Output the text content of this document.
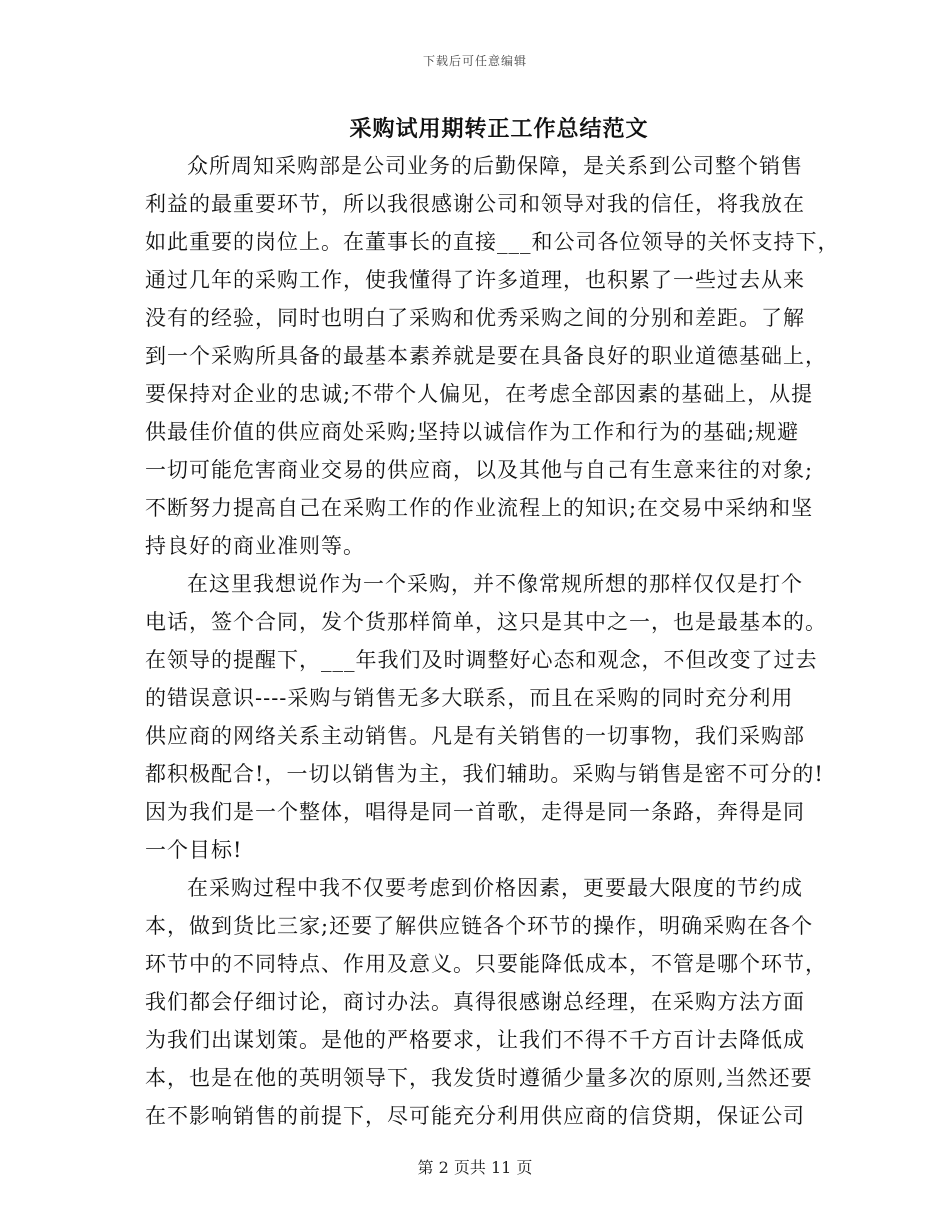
下载后可任意编辑
采购试用期转正工作总结范文
众所周知采购部是公司业务的后勤保障，是关系到公司整个销售
利益的最重要环节，所以我很感谢公司和领导对我的信任，将我放在
如此重要的岗位上。在董事长的直接___和公司各位领导的关怀支持下，
通过几年的采购工作，使我懂得了许多道理，也积累了一些过去从来
没有的经验，同时也明白了采购和优秀采购之间的分别和差距。了解
到一个采购所具备的最基本素养就是要在具备良好的职业道德基础上，
要保持对企业的忠诚;不带个人偏见，在考虑全部因素的基础上，从提
供最佳价值的供应商处采购;坚持以诚信作为工作和行为的基础;规避
一切可能危害商业交易的供应商，以及其他与自己有生意来往的对象;
不断努力提高自己在采购工作的作业流程上的知识;在交易中采纳和坚
持良好的商业准则等。
在这里我想说作为一个采购，并不像常规所想的那样仅仅是打个
电话，签个合同，发个货那样简单，这只是其中之一，也是最基本的。
在领导的提醒下，___年我们及时调整好心态和观念，不但改变了过去
的错误意识----采购与销售无多大联系，而且在采购的同时充分利用
供应商的网络关系主动销售。凡是有关销售的一切事物，我们采购部
都积极配合!，一切以销售为主，我们辅助。采购与销售是密不可分的!
因为我们是一个整体，唱得是同一首歌，走得是同一条路，奔得是同
一个目标!
在采购过程中我不仅要考虑到价格因素，更要最大限度的节约成
本，做到货比三家;还要了解供应链各个环节的操作，明确采购在各个
环节中的不同特点、作用及意义。只要能降低成本，不管是哪个环节，
我们都会仔细讨论，商讨办法。真得很感谢总经理，在采购方法方面
为我们出谋划策。是他的严格要求，让我们不得不千方百计去降低成
本，也是在他的英明领导下，我发货时遵循少量多次的原则,当然还要
在不影响销售的前提下，尽可能充分利用供应商的信贷期，保证公司
第 2 页共 11 页
